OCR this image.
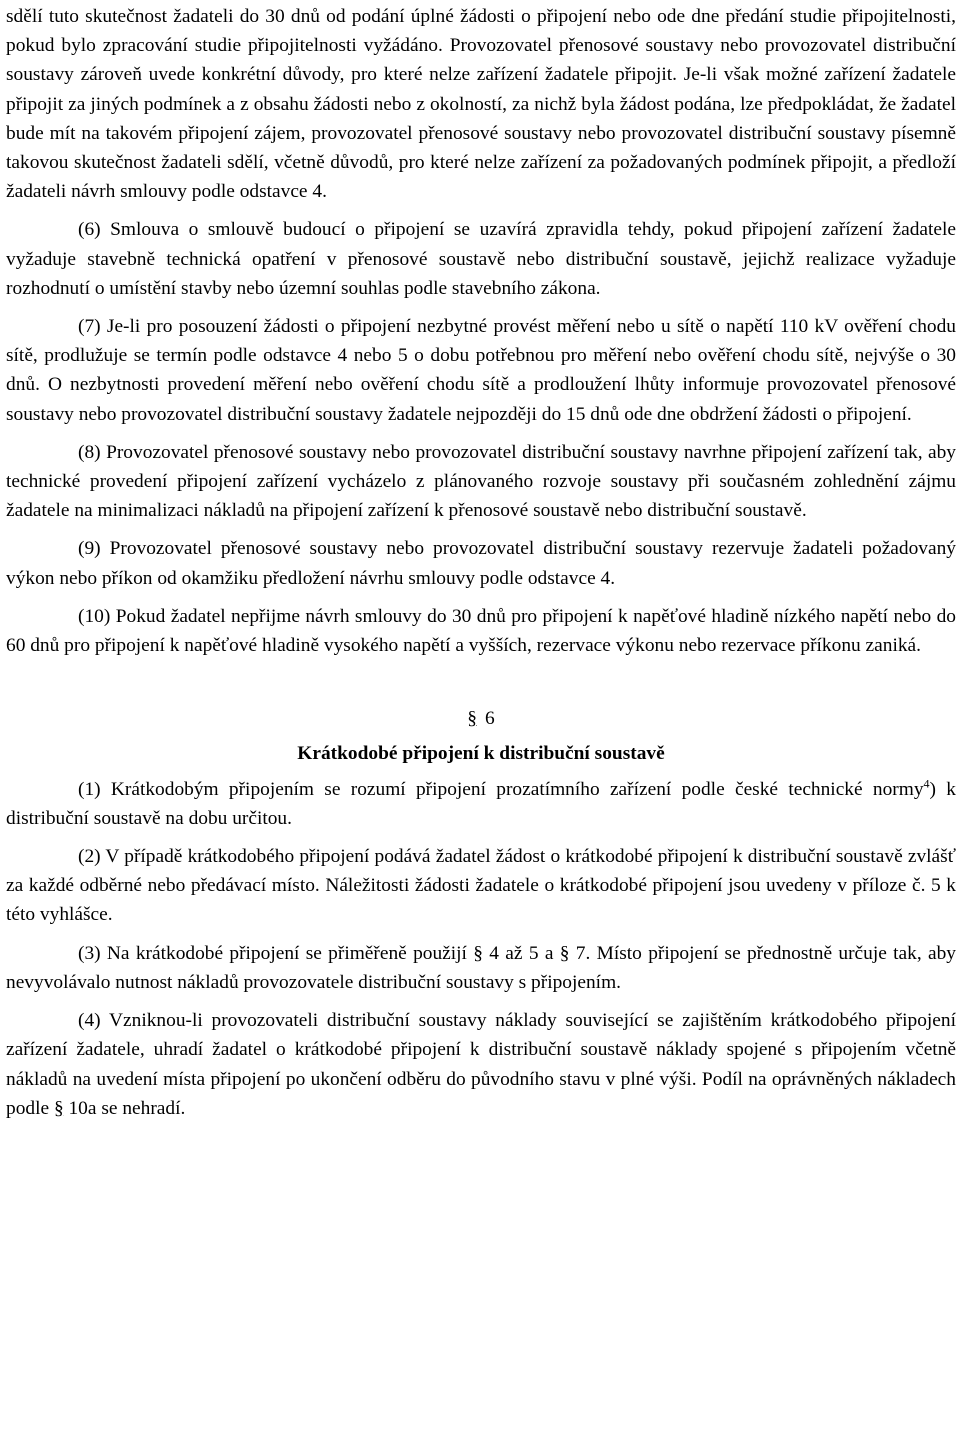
sdělí tuto skutečnost žadateli do 30 dnů od podání úplné žádosti o připojení nebo ode dne předání studie připojitelnosti, pokud bylo zpracování studie připojitelnosti vyžádáno. Provozovatel přenosové soustavy nebo provozovatel distribuční soustavy zároveň uvede konkrétní důvody, pro které nelze zařízení žadatele připojit. Je-li však možné zařízení žadatele připojit za jiných podmínek a z obsahu žádosti nebo z okolností, za nichž byla žádost podána, lze předpokládat, že žadatel bude mít na takovém připojení zájem, provozovatel přenosové soustavy nebo provozovatel distribuční soustavy písemně takovou skutečnost žadateli sdělí, včetně důvodů, pro které nelze zařízení za požadovaných podmínek připojit, a předloží žadateli návrh smlouvy podle odstavce 4.

(6) Smlouva o smlouvě budoucí o připojení se uzavírá zpravidla tehdy, pokud připojení zařízení žadatele vyžaduje stavebně technická opatření v přenosové soustavě nebo distribuční soustavě, jejichž realizace vyžaduje rozhodnutí o umístění stavby nebo územní souhlas podle stavebního zákona.

(7) Je-li pro posouzení žádosti o připojení nezbytné provést měření nebo u sítě o napětí 110 kV ověření chodu sítě, prodlužuje se termín podle odstavce 4 nebo 5 o dobu potřebnou pro měření nebo ověření chodu sítě, nejvýše o 30 dnů. O nezbytnosti provedení měření nebo ověření chodu sítě a prodloužení lhůty informuje provozovatel přenosové soustavy nebo provozovatel distribuční soustavy žadatele nejpozději do 15 dnů ode dne obdržení žádosti o připojení.

(8) Provozovatel přenosové soustavy nebo provozovatel distribuční soustavy navrhne připojení zařízení tak, aby technické provedení připojení zařízení vycházelo z plánovaného rozvoje soustavy při současném zohlednění zájmu žadatele na minimalizaci nákladů na připojení zařízení k přenosové soustavě nebo distribuční soustavě.

(9) Provozovatel přenosové soustavy nebo provozovatel distribuční soustavy rezervuje žadateli požadovaný výkon nebo příkon od okamžiku předložení návrhu smlouvy podle odstavce 4.

(10) Pokud žadatel nepřijme návrh smlouvy do 30 dnů pro připojení k napěťové hladině nízkého napětí nebo do 60 dnů pro připojení k napěťové hladině vysokého napětí a vyšších, rezervace výkonu nebo rezervace příkonu zaniká.

§ 6

Krátkodobé připojení k distribuční soustavě

(1) Krátkodobým připojením se rozumí připojení prozatímního zařízení podle české technické normy$^4$) k distribuční soustavě na dobu určitou.

(2) V případě krátkodobého připojení podává žadatel žádost o krátkodobé připojení k distribuční soustavě zvlášť za každé odběrné nebo předávací místo. Náležitosti žádosti žadatele o krátkodobé připojení jsou uvedeny v příloze č. 5 k této vyhlášce.

(3) Na krátkodobé připojení se přiměřeně použijí § 4 až 5 a § 7. Místo připojení se přednostně určuje tak, aby nevyvolávalo nutnost nákladů provozovatele distribuční soustavy s připojením.

(4) Vzniknou-li provozovateli distribuční soustavy náklady související se zajištěním krátkodobého připojení zařízení žadatele, uhradí žadatel o krátkodobé připojení k distribuční soustavě náklady spojené s připojením včetně nákladů na uvedení místa připojení po ukončení odběru do původního stavu v plné výši. Podíl na oprávněných nákladech podle § 10a se nehradí.
